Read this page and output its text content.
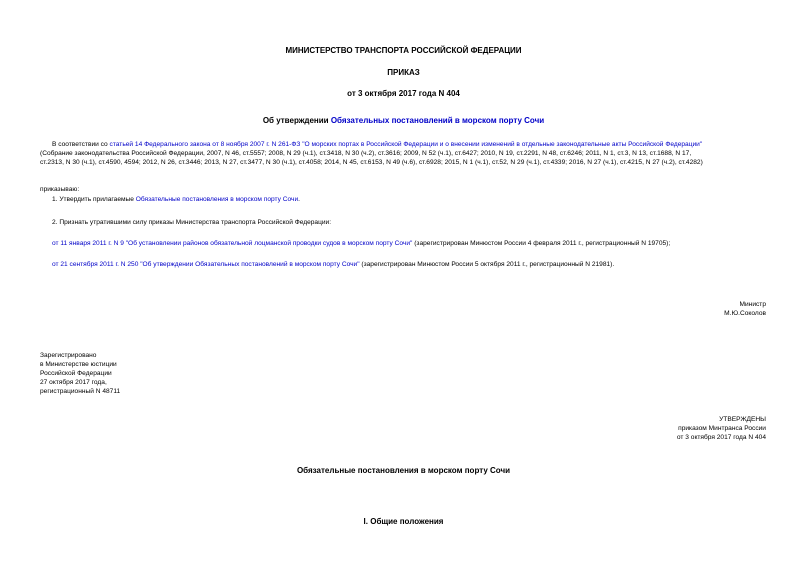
МИНИСТЕРСТВО ТРАНСПОРТА РОССИЙСКОЙ ФЕДЕРАЦИИ
ПРИКАЗ
от 3 октября 2017 года N 404
Об утверждении Обязательных постановлений в морском порту Сочи
В соответствии со статьей 14 Федерального закона от 8 ноября 2007 г. N 261-ФЗ "О морских портах в Российской Федерации и о внесении изменений в отдельные законодательные акты Российской Федерации"
(Собрание законодательства Российской Федерации, 2007, N 46, ст.5557; 2008, N 29 (ч.1), ст.3418, N 30 (ч.2), ст.3616; 2009, N 52 (ч.1), ст.6427; 2010, N 19, ст.2291, N 48, ст.6246; 2011, N 1, ст.3, N 13, ст.1688, N 17,
ст.2313, N 30 (ч.1), ст.4590, 4594; 2012, N 26, ст.3446; 2013, N 27, ст.3477, N 30 (ч.1), ст.4058; 2014, N 45, ст.6153, N 49 (ч.6), ст.6928; 2015, N 1 (ч.1), ст.52, N 29 (ч.1), ст.4339; 2016, N 27 (ч.1), ст.4215, N 27 (ч.2), ст.4282)
приказываю:
1. Утвердить прилагаемые Обязательные постановления в морском порту Сочи.
2. Признать утратившими силу приказы Министерства транспорта Российской Федерации:
от 11 января 2011 г. N 9 "Об установлении районов обязательной лоцманской проводки судов в морском порту Сочи" (зарегистрирован Минюстом России 4 февраля 2011 г., регистрационный N 19705);
от 21 сентября 2011 г. N 250 "Об утверждении Обязательных постановлений в морском порту Сочи" (зарегистрирован Минюстом России 5 октября 2011 г., регистрационный N 21981).
Министр
М.Ю.Соколов
Зарегистрировано
в Министерстве юстиции
Российской Федерации
27 октября 2017 года,
регистрационный N 48711
УТВЕРЖДЕНЫ
приказом Минтранса России
от 3 октября 2017 года N 404
Обязательные постановления в морском порту Сочи
I. Общие положения
